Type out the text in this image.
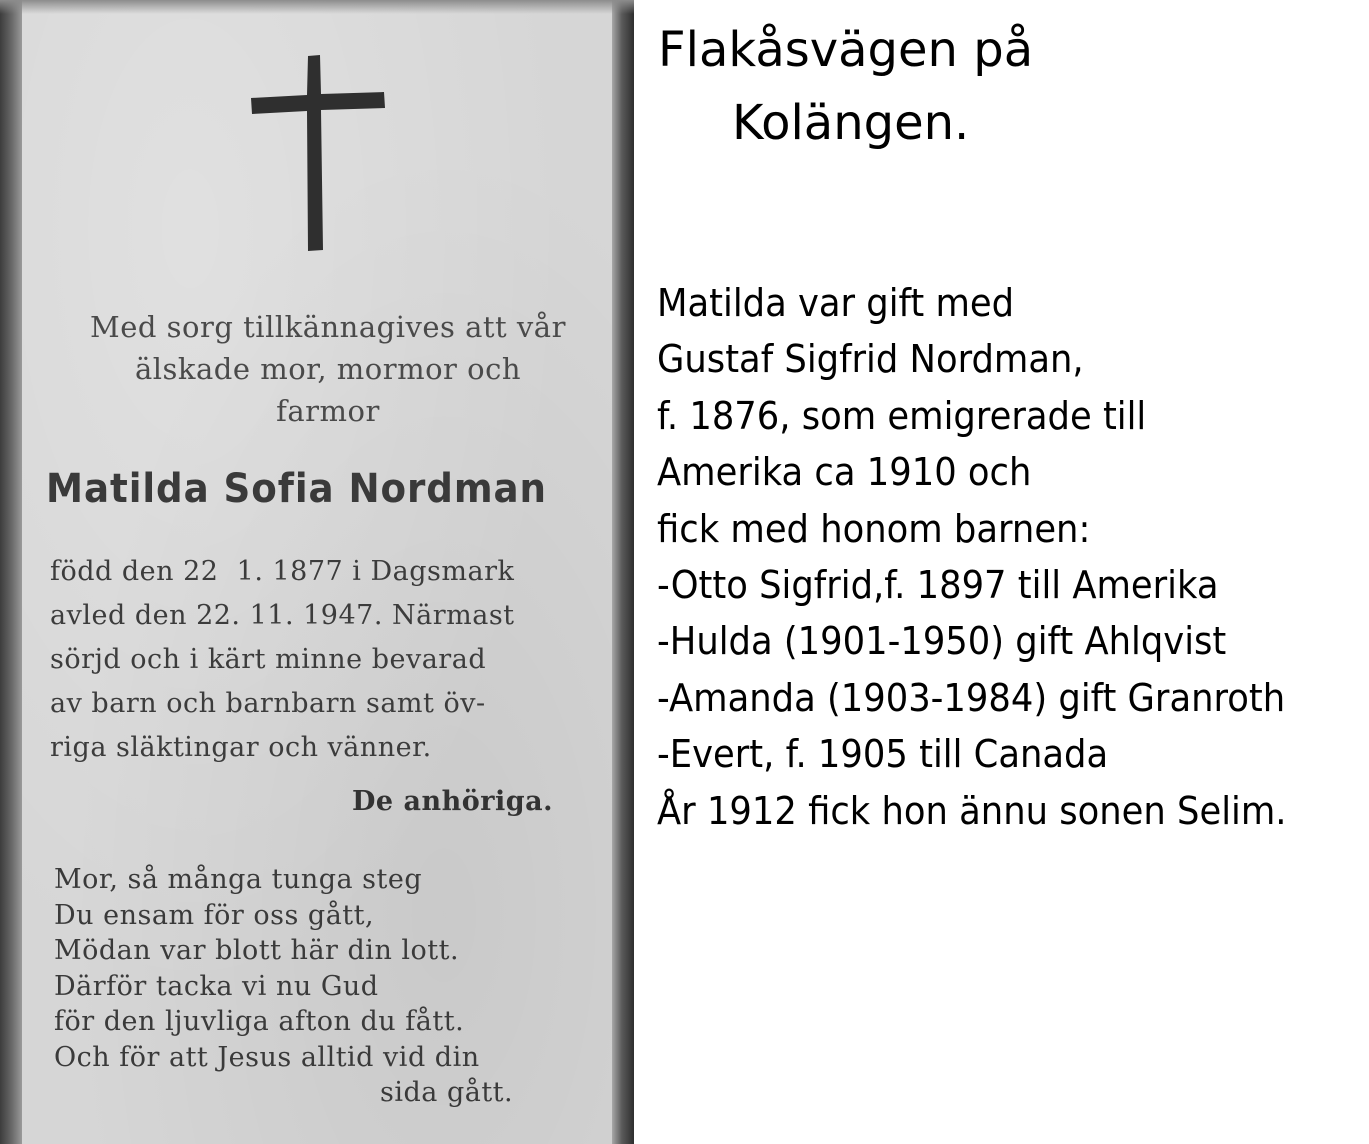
Med sorg tillkännagives att vår
älskade mor, mormor och
farmor
Matilda Sofia Nordman
född den 22  1. 1877 i Dagsmark
avled den 22. 11. 1947. Närmast
sörjd och i kärt minne bevarad
av barn och barnbarn samt öv-
riga släktingar och vänner.
De anhöriga.
Mor, så många tunga steg
Du ensam för oss gått,
Mödan var blott här din lott.
Därför tacka vi nu Gud
för den ljuvliga afton du fått.
Och för att Jesus alltid vid din
sida gått.
Flakåsvägen på
Kolängen.
Matilda var gift med
Gustaf Sigfrid Nordman,
f. 1876, som emigrerade till
Amerika ca 1910 och
fick med honom barnen:
-Otto Sigfrid,f. 1897 till Amerika
-Hulda (1901-1950) gift Ahlqvist
-Amanda (1903-1984) gift Granroth
-Evert, f. 1905 till Canada
År 1912 fick hon ännu sonen Selim.
